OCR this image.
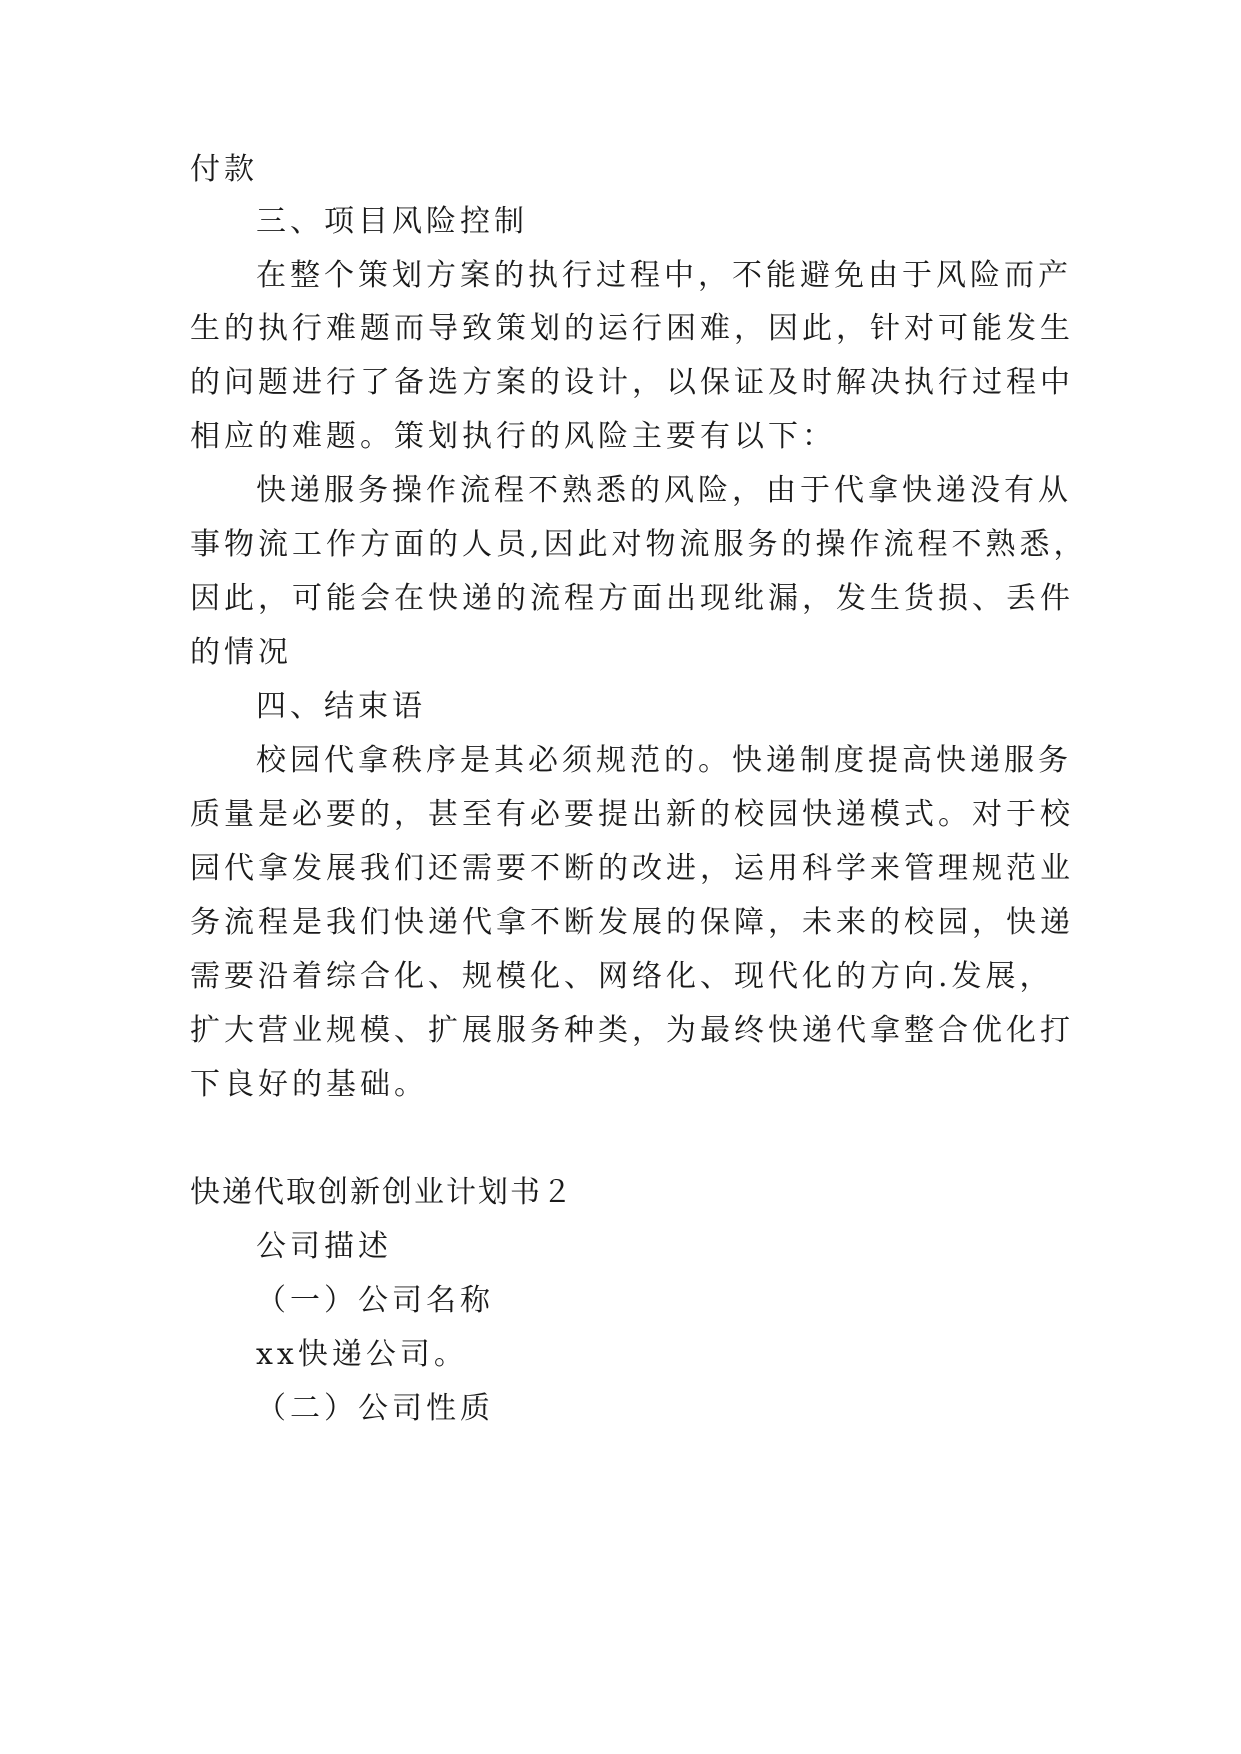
付款
三、项目风险控制
在整个策划方案的执行过程中，不能避免由于风险而产
生的执行难题而导致策划的运行困难，因此，针对可能发生
的问题进行了备选方案的设计，以保证及时解决执行过程中
相应的难题。策划执行的风险主要有以下：
快递服务操作流程不熟悉的风险，由于代拿快递没有从
事物流工作方面的人员,因此对物流服务的操作流程不熟悉，
因此，可能会在快递的流程方面出现纰漏，发生货损、丢件
的情况
四、结束语
校园代拿秩序是其必须规范的。快递制度提高快递服务
质量是必要的，甚至有必要提出新的校园快递模式。对于校
园代拿发展我们还需要不断的改进，运用科学来管理规范业
务流程是我们快递代拿不断发展的保障，未来的校园，快递
需要沿着综合化、规模化、网络化、现代化的方向.发展，
扩大营业规模、扩展服务种类，为最终快递代拿整合优化打
下良好的基础。
快递代取创新创业计划书２
公司描述
（一）公司名称
xx快递公司。
（二）公司性质
